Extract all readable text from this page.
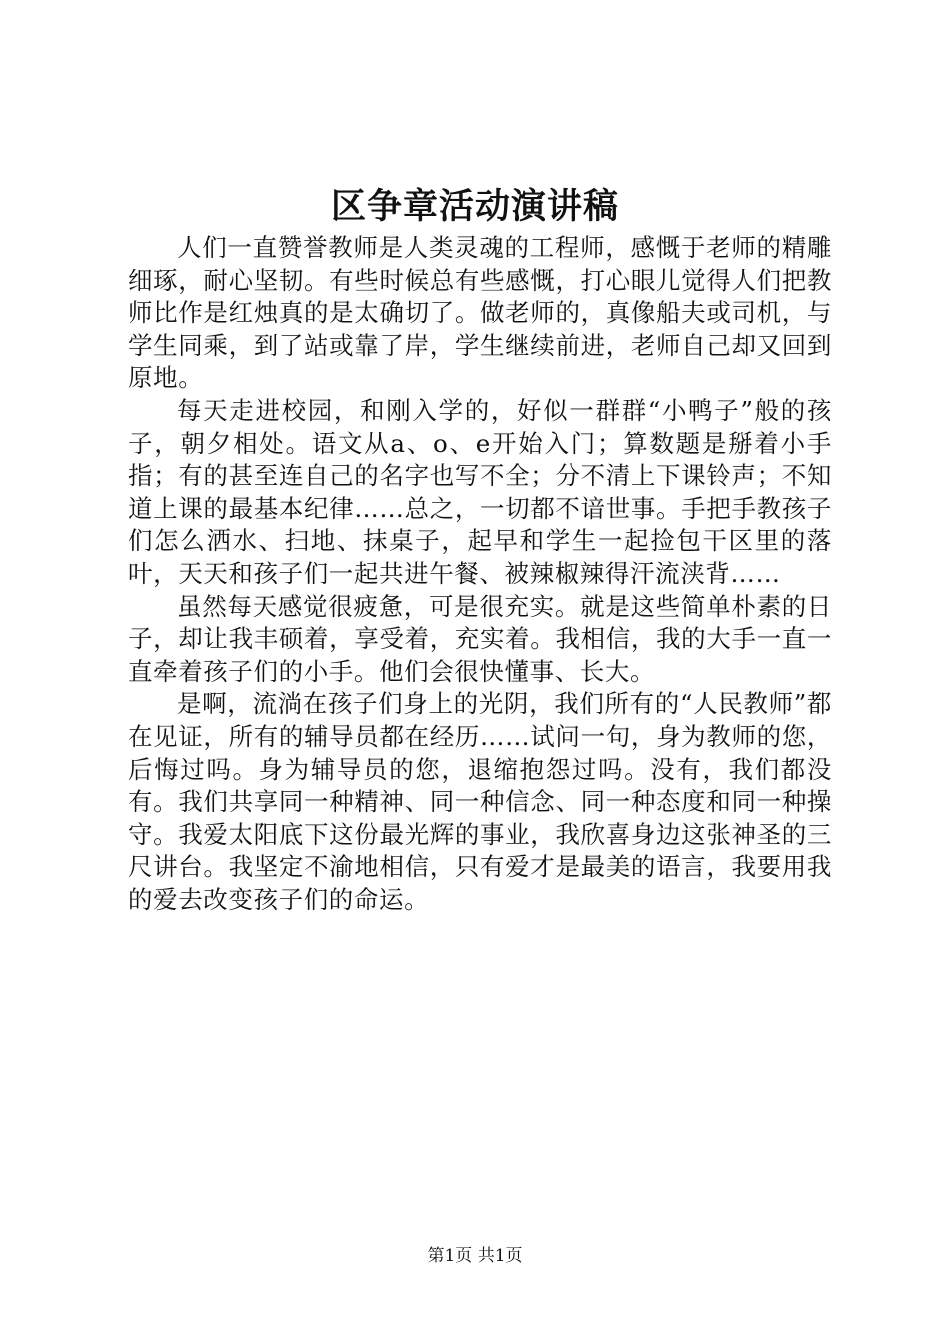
区争章活动演讲稿

人们一直赞誉教师是人类灵魂的工程师，感慨于老师的精雕细琢，耐心坚韧。有些时候总有些感慨，打心眼儿觉得人们把教师比作是红烛真的是太确切了。做老师的，真像船夫或司机，与学生同乘，到了站或靠了岸，学生继续前进，老师自己却又回到原地。

每天走进校园，和刚入学的，好似一群群“小鸭子”般的孩子，朝夕相处。语文从a、o、e开始入门；算数题是掰着小手指；有的甚至连自己的名字也写不全；分不清上下课铃声；不知道上课的最基本纪律……总之，一切都不谙世事。手把手教孩子们怎么洒水、扫地、抹桌子，起早和学生一起捡包干区里的落叶，天天和孩子们一起共进午餐、被辣椒辣得汗流浃背……

虽然每天感觉很疲惫，可是很充实。就是这些简单朴素的日子，却让我丰硕着，享受着，充实着。我相信，我的大手一直一直牵着孩子们的小手。他们会很快懂事、长大。

是啊，流淌在孩子们身上的光阴，我们所有的“人民教师”都在见证，所有的辅导员都在经历……试问一句，身为教师的您，后悔过吗。身为辅导员的您，退缩抱怨过吗。没有，我们都没有。我们共享同一种精神、同一种信念、同一种态度和同一种操守。我爱太阳底下这份最光辉的事业，我欣喜身边这张神圣的三尺讲台。我坚定不渝地相信，只有爱才是最美的语言，我要用我的爱去改变孩子们的命运。

第1页 共1页
